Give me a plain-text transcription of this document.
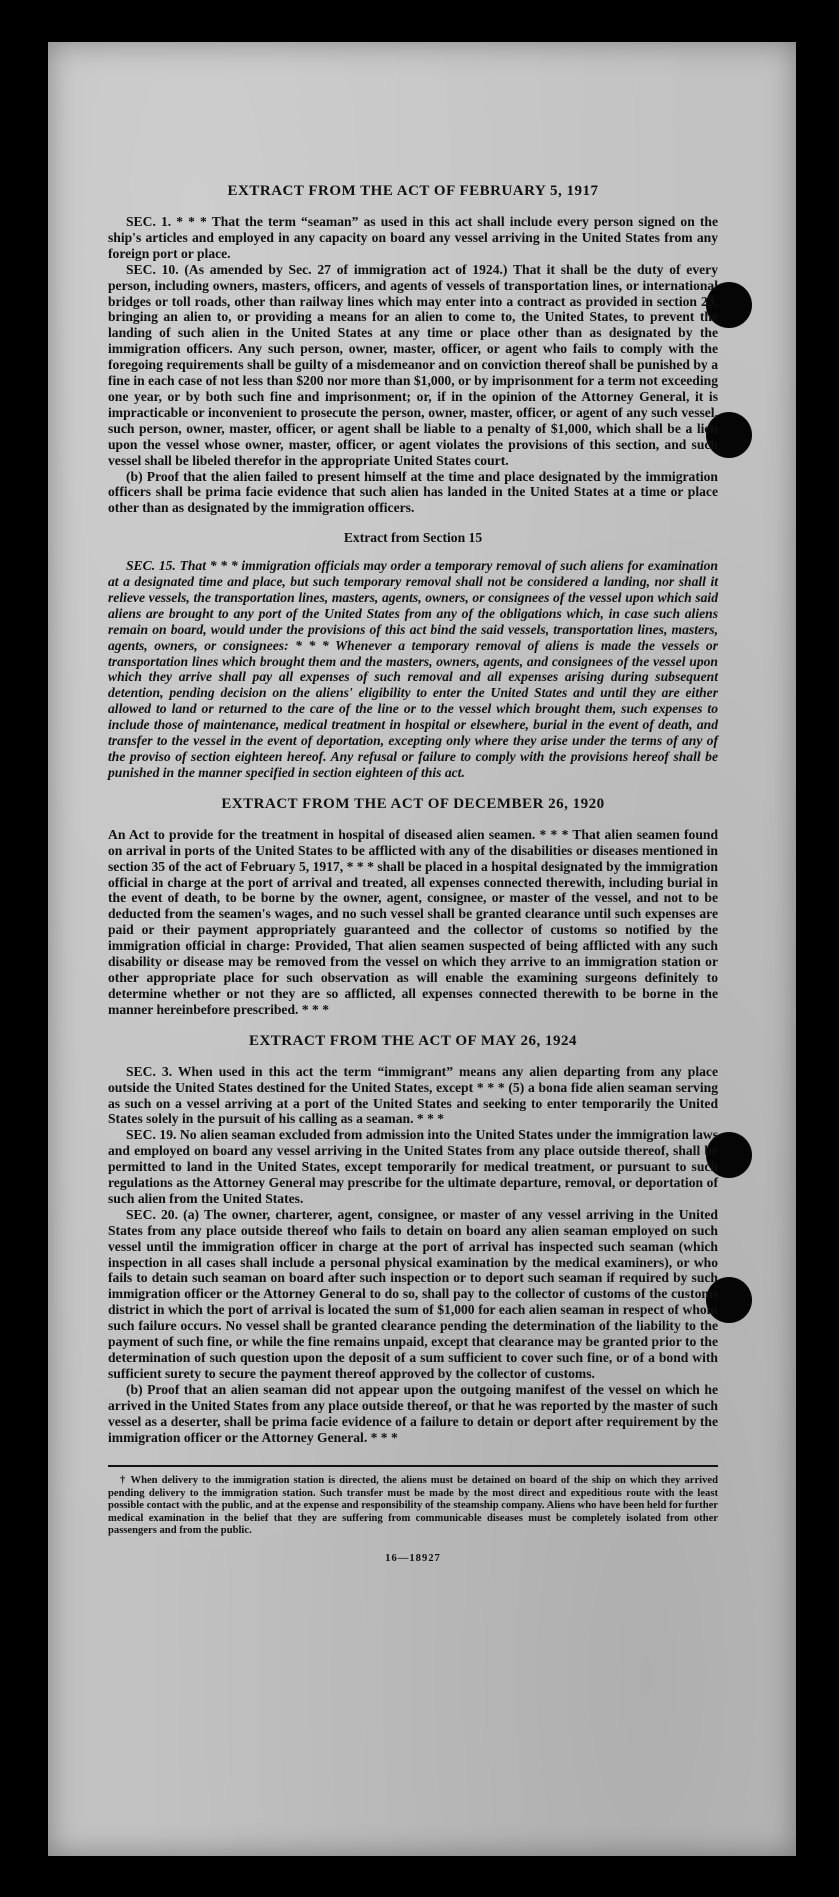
EXTRACT FROM THE ACT OF FEBRUARY 5, 1917

SEC. 1. * * * That the term “seaman” as used in this act shall include every person signed on the ship's articles and employed in any capacity on board any vessel arriving in the United States from any foreign port or place.

SEC. 10. (As amended by Sec. 27 of immigration act of 1924.) That it shall be the duty of every person, including owners, masters, officers, and agents of vessels of transportation lines, or international bridges or toll roads, other than railway lines which may enter into a contract as provided in section 23, bringing an alien to, or providing a means for an alien to come to, the United States, to prevent the landing of such alien in the United States at any time or place other than as designated by the immigration officers. Any such person, owner, master, officer, or agent who fails to comply with the foregoing requirements shall be guilty of a misdemeanor and on conviction thereof shall be punished by a fine in each case of not less than $200 nor more than $1,000, or by imprisonment for a term not exceeding one year, or by both such fine and imprisonment; or, if in the opinion of the Attorney General, it is impracticable or inconvenient to prosecute the person, owner, master, officer, or agent of any such vessel, such person, owner, master, officer, or agent shall be liable to a penalty of $1,000, which shall be a lien upon the vessel whose owner, master, officer, or agent violates the provisions of this section, and such vessel shall be libeled therefor in the appropriate United States court.

(b) Proof that the alien failed to present himself at the time and place designated by the immigration officers shall be prima facie evidence that such alien has landed in the United States at a time or place other than as designated by the immigration officers.

Extract from Section 15

SEC. 15. That * * * immigration officials may order a temporary removal of such aliens for examination at a designated time and place, but such temporary removal shall not be considered a landing, nor shall it relieve vessels, the transportation lines, masters, agents, owners, or consignees of the vessel upon which said aliens are brought to any port of the United States from any of the obligations which, in case such aliens remain on board, would under the provisions of this act bind the said vessels, transportation lines, masters, agents, owners, or consignees: * * * Whenever a temporary removal of aliens is made the vessels or transportation lines which brought them and the masters, owners, agents, and consignees of the vessel upon which they arrive shall pay all expenses of such removal and all expenses arising during subsequent detention, pending decision on the aliens' eligibility to enter the United States and until they are either allowed to land or returned to the care of the line or to the vessel which brought them, such expenses to include those of maintenance, medical treatment in hospital or elsewhere, burial in the event of death, and transfer to the vessel in the event of deportation, excepting only where they arise under the terms of any of the proviso of section eighteen hereof. Any refusal or failure to comply with the provisions hereof shall be punished in the manner specified in section eighteen of this act.

EXTRACT FROM THE ACT OF DECEMBER 26, 1920

An Act to provide for the treatment in hospital of diseased alien seamen. * * * That alien seamen found on arrival in ports of the United States to be afflicted with any of the disabilities or diseases mentioned in section 35 of the act of February 5, 1917, * * * shall be placed in a hospital designated by the immigration official in charge at the port of arrival and treated, all expenses connected therewith, including burial in the event of death, to be borne by the owner, agent, consignee, or master of the vessel, and not to be deducted from the seamen's wages, and no such vessel shall be granted clearance until such expenses are paid or their payment appropriately guaranteed and the collector of customs so notified by the immigration official in charge: Provided, That alien seamen suspected of being afflicted with any such disability or disease may be removed from the vessel on which they arrive to an immigration station or other appropriate place for such observation as will enable the examining surgeons definitely to determine whether or not they are so afflicted, all expenses connected therewith to be borne in the manner hereinbefore prescribed. * * *

EXTRACT FROM THE ACT OF MAY 26, 1924

SEC. 3. When used in this act the term “immigrant” means any alien departing from any place outside the United States destined for the United States, except * * * (5) a bona fide alien seaman serving as such on a vessel arriving at a port of the United States and seeking to enter temporarily the United States solely in the pursuit of his calling as a seaman. * * *

SEC. 19. No alien seaman excluded from admission into the United States under the immigration laws and employed on board any vessel arriving in the United States from any place outside thereof, shall be permitted to land in the United States, except temporarily for medical treatment, or pursuant to such regulations as the Attorney General may prescribe for the ultimate departure, removal, or deportation of such alien from the United States.

SEC. 20. (a) The owner, charterer, agent, consignee, or master of any vessel arriving in the United States from any place outside thereof who fails to detain on board any alien seaman employed on such vessel until the immigration officer in charge at the port of arrival has inspected such seaman (which inspection in all cases shall include a personal physical examination by the medical examiners), or who fails to detain such seaman on board after such inspection or to deport such seaman if required by such immigration officer or the Attorney General to do so, shall pay to the collector of customs of the customs district in which the port of arrival is located the sum of $1,000 for each alien seaman in respect of whom such failure occurs. No vessel shall be granted clearance pending the determination of the liability to the payment of such fine, or while the fine remains unpaid, except that clearance may be granted prior to the determination of such question upon the deposit of a sum sufficient to cover such fine, or of a bond with sufficient surety to secure the payment thereof approved by the collector of customs.

(b) Proof that an alien seaman did not appear upon the outgoing manifest of the vessel on which he arrived in the United States from any place outside thereof, or that he was reported by the master of such vessel as a deserter, shall be prima facie evidence of a failure to detain or deport after requirement by the immigration officer or the Attorney General. * * *

† When delivery to the immigration station is directed, the aliens must be detained on board of the ship on which they arrived pending delivery to the immigration station. Such transfer must be made by the most direct and expeditious route with the least possible contact with the public, and at the expense and responsibility of the steamship company. Aliens who have been held for further medical examination in the belief that they are suffering from communicable diseases must be completely isolated from other passengers and from the public.

16—18927
